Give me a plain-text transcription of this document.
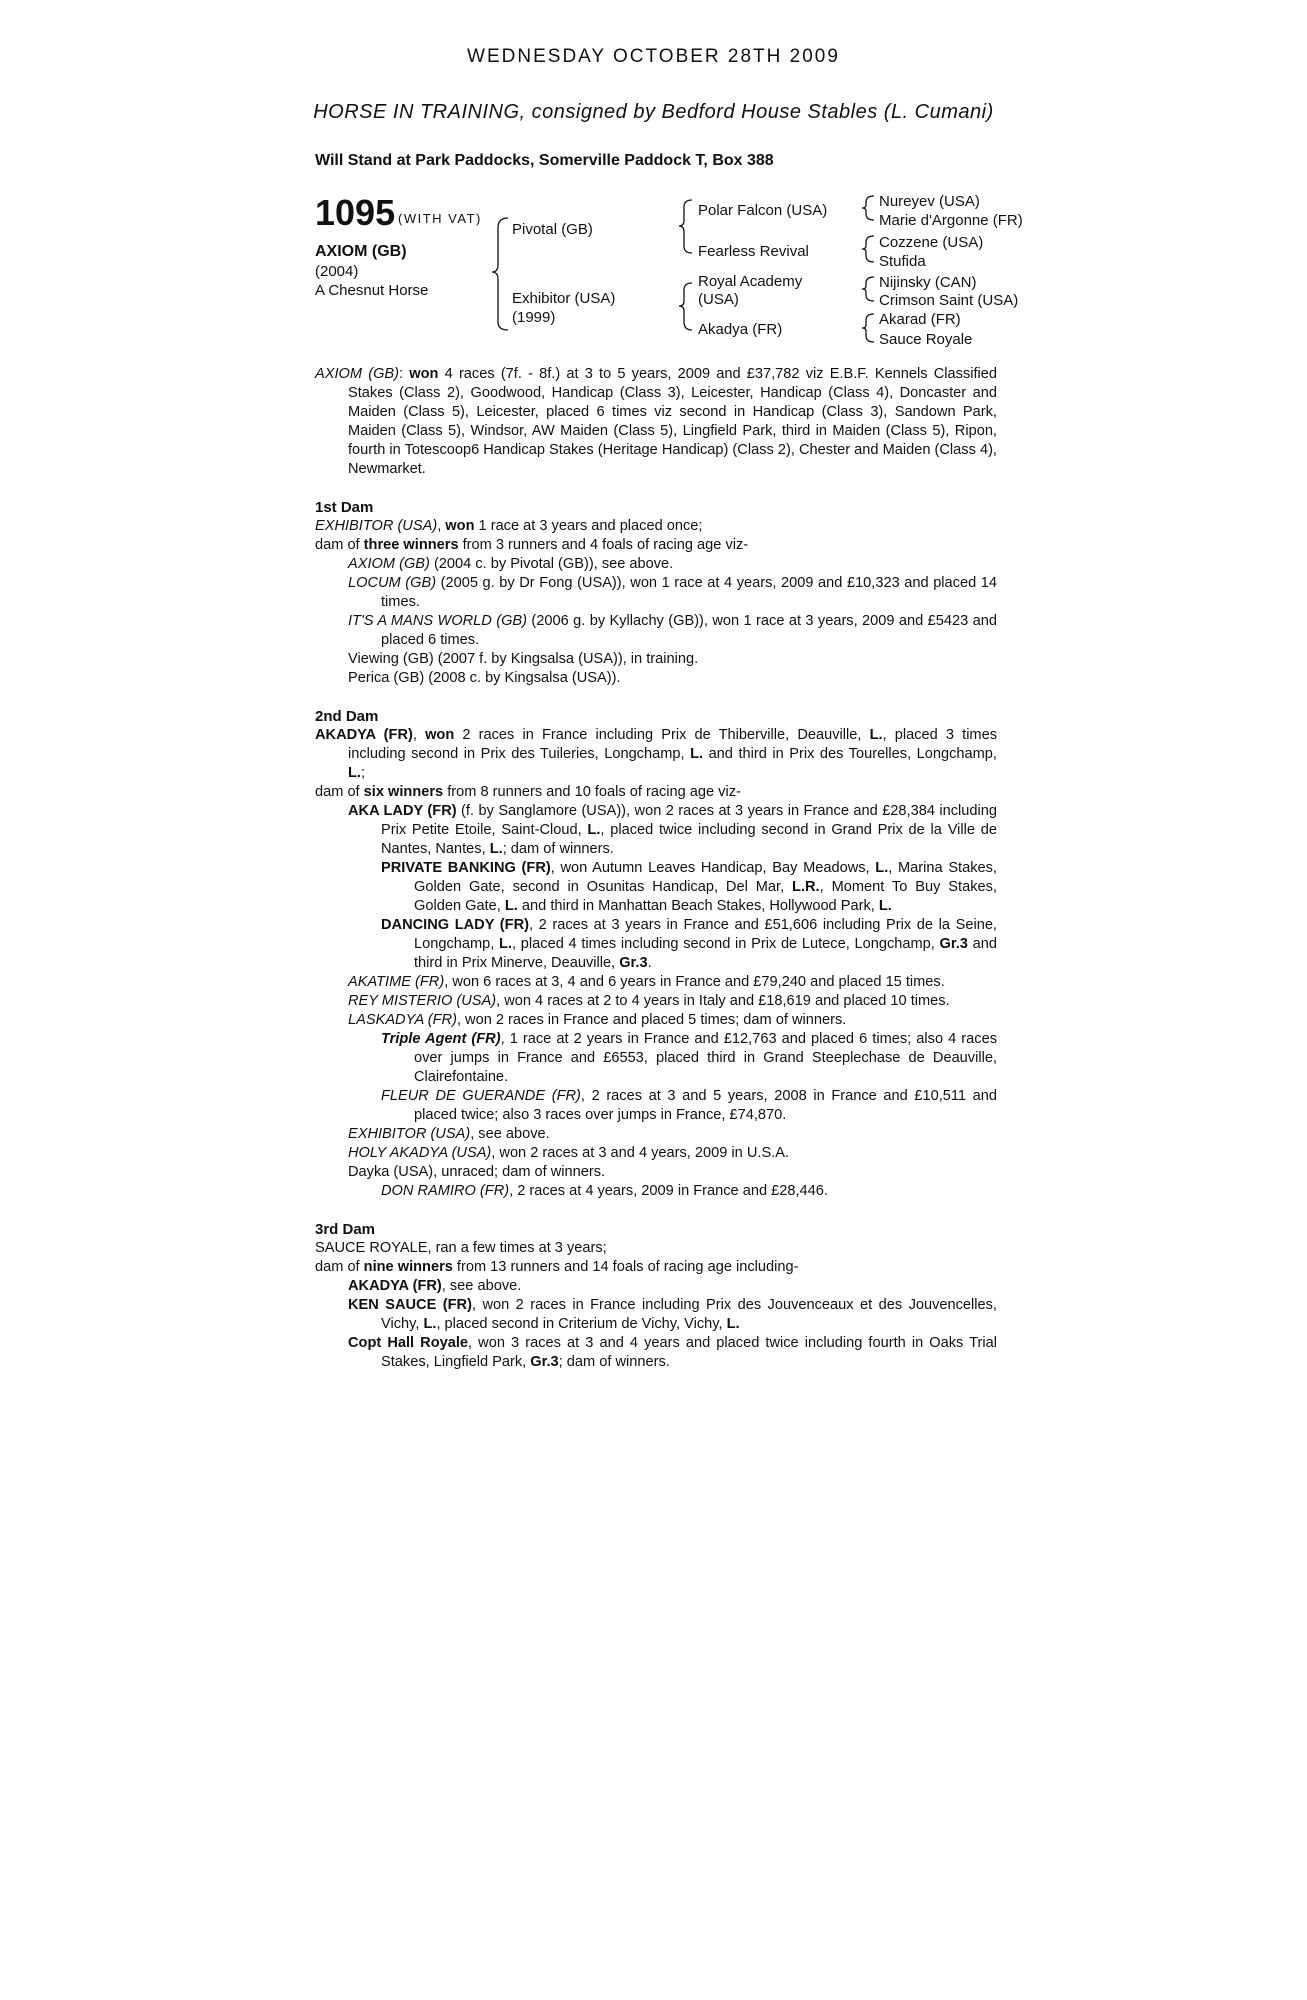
WEDNESDAY OCTOBER 28TH 2009
HORSE IN TRAINING, consigned by Bedford House Stables (L. Cumani)
Will Stand at Park Paddocks, Somerville Paddock T, Box 388
1095 (WITH VAT)
AXIOM (GB)
(2004)
A Chesnut Horse
Pivotal (GB)
Exhibitor (USA)
(1999)
Polar Falcon (USA)
Fearless Revival
Royal Academy
(USA)
Akadya (FR)
Nureyev (USA)
Marie d'Argonne (FR)
Cozzene (USA)
Stufida
Nijinsky (CAN)
Crimson Saint (USA)
Akarad (FR)
Sauce Royale

AXIOM (GB): won 4 races (7f. - 8f.) at 3 to 5 years, 2009 and £37,782 viz E.B.F. Kennels Classified Stakes (Class 2), Goodwood, Handicap (Class 3), Leicester, Handicap (Class 4), Doncaster and Maiden (Class 5), Leicester, placed 6 times viz second in Handicap (Class 3), Sandown Park, Maiden (Class 5), Windsor, AW Maiden (Class 5), Lingfield Park, third in Maiden (Class 5), Ripon, fourth in Totescoop6 Handicap Stakes (Heritage Handicap) (Class 2), Chester and Maiden (Class 4), Newmarket.

1st Dam

EXHIBITOR (USA), won 1 race at 3 years and placed once;

dam of three winners from 3 runners and 4 foals of racing age viz-

AXIOM (GB) (2004 c. by Pivotal (GB)), see above.

LOCUM (GB) (2005 g. by Dr Fong (USA)), won 1 race at 4 years, 2009 and £10,323 and placed 14 times.

IT'S A MANS WORLD (GB) (2006 g. by Kyllachy (GB)), won 1 race at 3 years, 2009 and £5423 and placed 6 times.

Viewing (GB) (2007 f. by Kingsalsa (USA)), in training.

Perica (GB) (2008 c. by Kingsalsa (USA)).

2nd Dam

AKADYA (FR), won 2 races in France including Prix de Thiberville, Deauville, L., placed 3 times including second in Prix des Tuileries, Longchamp, L. and third in Prix des Tourelles, Longchamp, L.;

dam of six winners from 8 runners and 10 foals of racing age viz-

AKA LADY (FR) (f. by Sanglamore (USA)), won 2 races at 3 years in France and £28,384 including Prix Petite Etoile, Saint-Cloud, L., placed twice including second in Grand Prix de la Ville de Nantes, Nantes, L.; dam of winners.

PRIVATE BANKING (FR), won Autumn Leaves Handicap, Bay Meadows, L., Marina Stakes, Golden Gate, second in Osunitas Handicap, Del Mar, L.R., Moment To Buy Stakes, Golden Gate, L. and third in Manhattan Beach Stakes, Hollywood Park, L.

DANCING LADY (FR), 2 races at 3 years in France and £51,606 including Prix de la Seine, Longchamp, L., placed 4 times including second in Prix de Lutece, Longchamp, Gr.3 and third in Prix Minerve, Deauville, Gr.3.

AKATIME (FR), won 6 races at 3, 4 and 6 years in France and £79,240 and placed 15 times.

REY MISTERIO (USA), won 4 races at 2 to 4 years in Italy and £18,619 and placed 10 times.

LASKADYA (FR), won 2 races in France and placed 5 times; dam of winners.

Triple Agent (FR), 1 race at 2 years in France and £12,763 and placed 6 times; also 4 races over jumps in France and £6553, placed third in Grand Steeplechase de Deauville, Clairefontaine.

FLEUR DE GUERANDE (FR), 2 races at 3 and 5 years, 2008 in France and £10,511 and placed twice; also 3 races over jumps in France, £74,870.

EXHIBITOR (USA), see above.

HOLY AKADYA (USA), won 2 races at 3 and 4 years, 2009 in U.S.A.

Dayka (USA), unraced; dam of winners.

DON RAMIRO (FR), 2 races at 4 years, 2009 in France and £28,446.

3rd Dam

SAUCE ROYALE, ran a few times at 3 years;

dam of nine winners from 13 runners and 14 foals of racing age including-

AKADYA (FR), see above.

KEN SAUCE (FR), won 2 races in France including Prix des Jouvenceaux et des Jouvencelles, Vichy, L., placed second in Criterium de Vichy, Vichy, L.

Copt Hall Royale, won 3 races at 3 and 4 years and placed twice including fourth in Oaks Trial Stakes, Lingfield Park, Gr.3; dam of winners.
